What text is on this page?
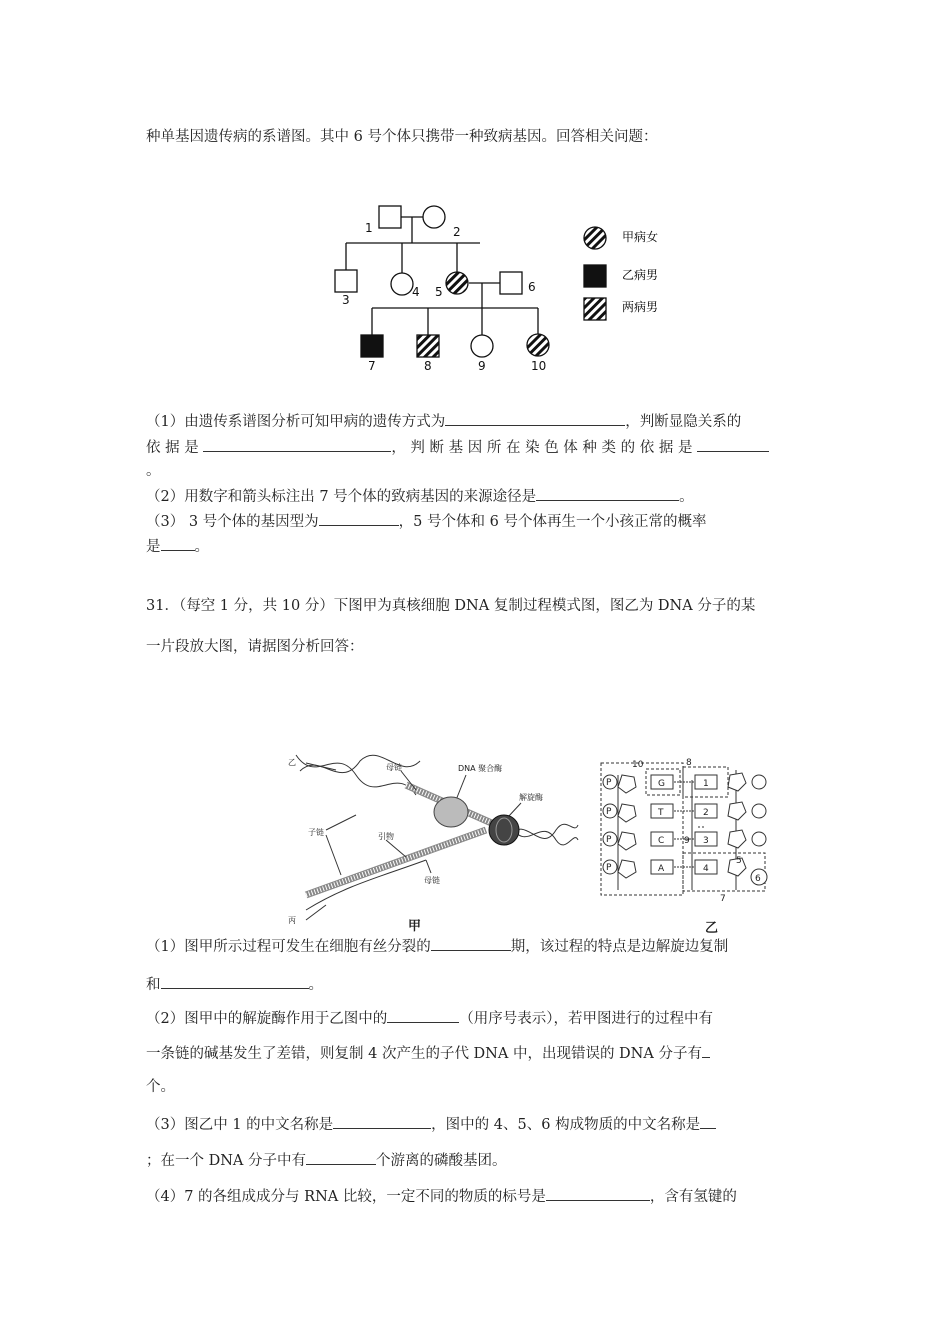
种单基因遗传病的系谱图。其中 6 号个体只携带一种致病基因。回答相关问题：
1	2
3
4 5	6
7	8	9	10
甲病女
乙病男
两病男
（1）由遗传系谱图分析可知甲病的遗传方式为	，判断显隐关系的
依 据 是	， 判 断 基 因 所 在 染 色 体 种 类 的 依 据 是
。
（2）用数字和箭头标注出 7 号个体的致病基因的来源途径是	。
（3） 3 号个体的基因型为	，5 号个体和 6 号个体再生一个小孩正常的概率
是 。
31．（每空 1 分，共 10 分）下图甲为真核细胞 DNA 复制过程模式图，图乙为 DNA 分子的某
一片段放大图，请据图分析回答：
乙
母链	DNA 聚合酶
解旋酶
子链	引物
母链
丙	甲
P
P
P
P
G
T
C
A
1
2
3
4
10	8
9
5
6
7
乙
（1）图甲所示过程可发生在细胞有丝分裂的	期，该过程的特点是边解旋边复制
和	。
（2）图甲中的解旋酶作用于乙图中的	（用序号表示），若甲图进行的过程中有
一条链的碱基发生了差错，则复制 4 次产生的子代 DNA 中，出现错误的 DNA 分子有
个。
（3）图乙中 1 的中文名称是	，图中的 4、5、6 构成物质的中文名称是
；在一个 DNA 分子中有	个游离的磷酸基团。
（4）7 的各组成成分与 RNA 比较，一定不同的物质的标号是	，含有氢键的
